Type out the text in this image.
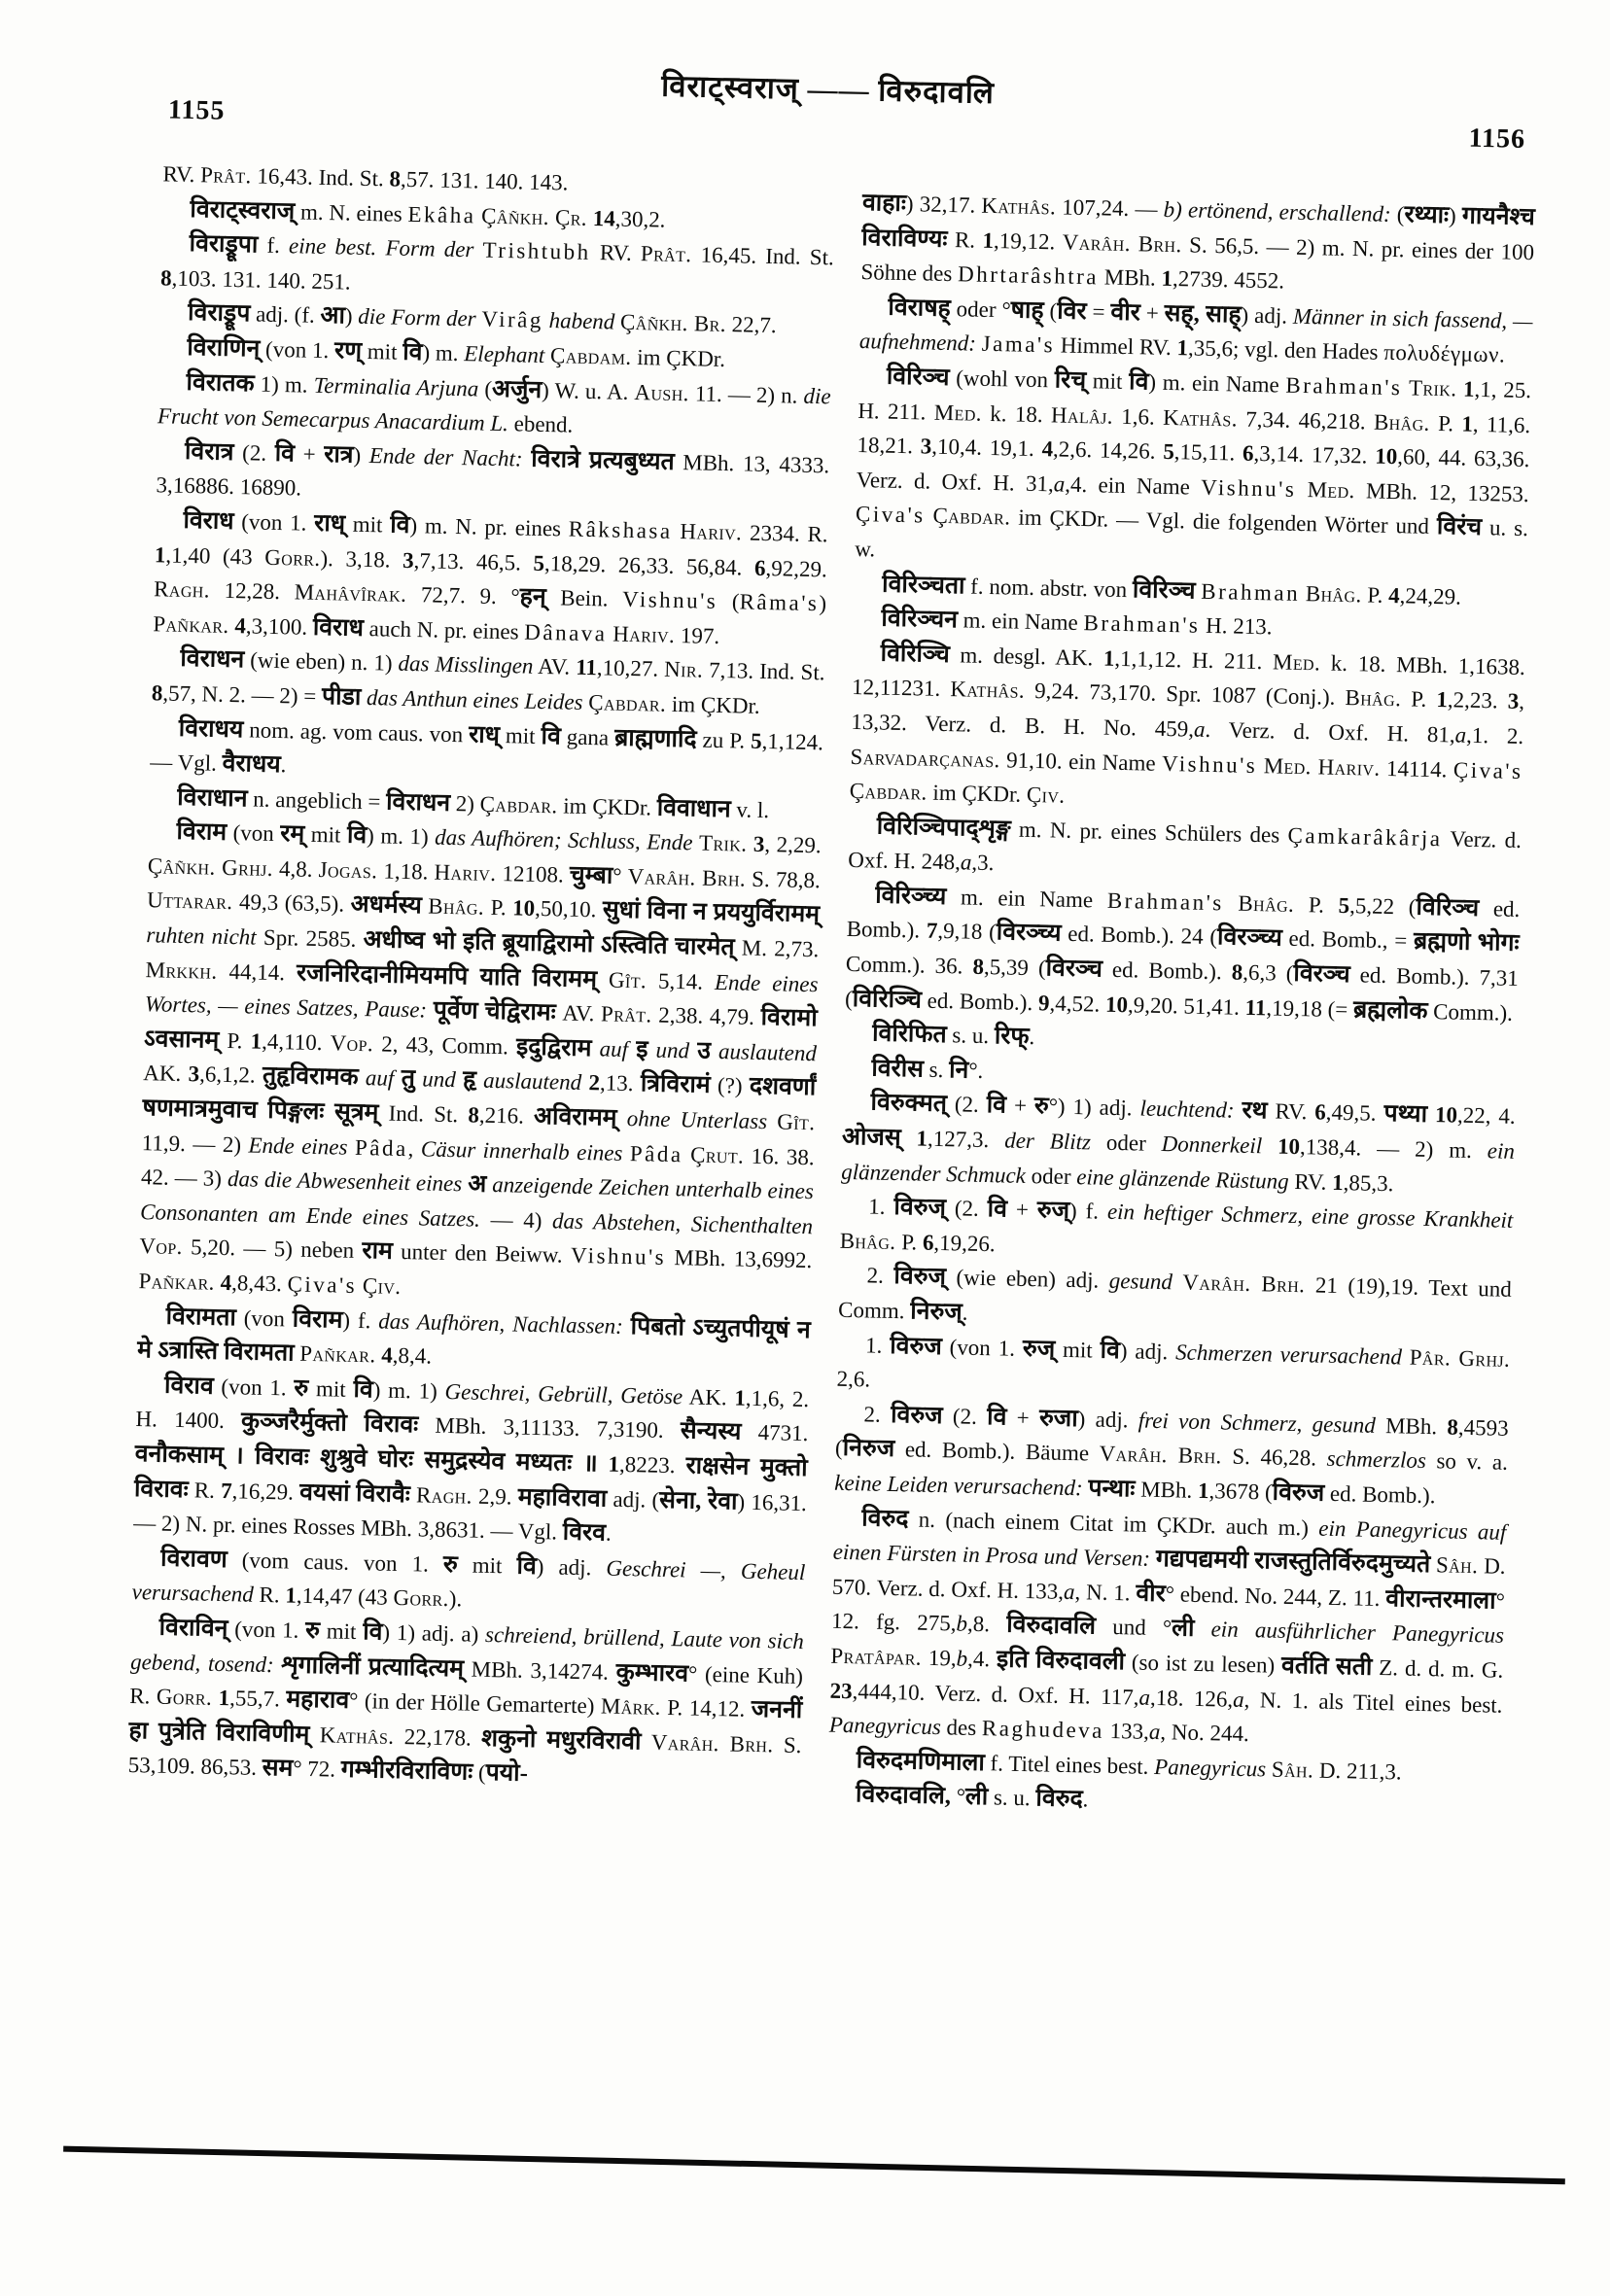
1155
विराट्स्वराज् —— विरुदावलि
1156

RV. Prât. 16,43. Ind. St. 8,57. 131. 140. 143.

विराट्स्वराज् m. N. eines Ekâha Çâñkh. Çr. 14,30,2.

विराड्रूपा f. eine best. Form der Trishtubh RV. Prât. 16,45. Ind. St. 8,103. 131. 140. 251.

विराड्रूप adj. (f. आ) die Form der Virâg habend Çâñkh. Br. 22,7.

विराणिन् (von 1. रण् mit वि) m. Elephant Çabdam. im ÇKDr.

विरातक 1) m. Terminalia Arjuna (अर्जुन) W. u. A. Aush. 11. — 2) n. die Frucht von Semecarpus Anacardium L. ebend.

विरात्र (2. वि + रात्र) Ende der Nacht: विरात्रे प्रत्यबुध्यत MBh. 13, 4333. 3,16886. 16890.

विराध (von 1. राध् mit वि) m. N. pr. eines Râkshasa Hariv. 2334. R. 1,1,40 (43 Gorr.). 3,18. 3,7,13. 46,5. 5,18,29. 26,33. 56,84. 6,92,29. Ragh. 12,28. Mahâvîrak. 72,7. 9. °हन् Bein. Vishnu's (Râma's) Pañkar. 4,3,100. विराध auch N. pr. eines Dânava Hariv. 197.

विराधन (wie eben) n. 1) das Misslingen AV. 11,10,27. Nir. 7,13. Ind. St. 8,57, N. 2. — 2) = पीडा das Anthun eines Leides Çabdar. im ÇKDr.

विराधय nom. ag. vom caus. von राध् mit वि gana ब्राह्मणादि zu P. 5,1,124. — Vgl. वैराधय.

विराधान n. angeblich = विराधन 2) Çabdar. im ÇKDr. विवाधान v. l.

विराम (von रम् mit वि) m. 1) das Aufhören; Schluss, Ende Trik. 3, 2,29. Çâñkh. Grhj. 4,8. Jogas. 1,18. Hariv. 12108. चुम्बा° Varâh. Brh. S. 78,8. Uttarar. 49,3 (63,5). अधर्मस्य Bhâg. P. 10,50,10. सुधां विना न प्रययुर्विरामम् ruhten nicht Spr. 2585. अधीष्व भो इति ब्रूयाद्विरामो ऽस्त्विति चारमेत् M. 2,73. Mrkkh. 44,14. रजनिरिदानीमियमपि याति विरामम् Gît. 5,14. Ende eines Wortes, — eines Satzes, Pause: पूर्वेण चेद्विरामः AV. Prât. 2,38. 4,79. विरामो ऽवसानम् P. 1,4,110. Vop. 2, 43, Comm. इदुद्विराम auf इ und उ auslautend AK. 3,6,1,2. तुहृविरामक auf तु und हृ auslautend 2,13. त्रिविरामं (?) दशवर्णां षणमात्रमुवाच पिङ्गलः सूत्रम् Ind. St. 8,216. अविरामम् ohne Unterlass Gît. 11,9. — 2) Ende eines Pâda, Cäsur innerhalb eines Pâda Çrut. 16. 38. 42. — 3) das die Abwesenheit eines अ anzeigende Zeichen unterhalb eines Consonanten am Ende eines Satzes. — 4) das Abstehen, Sichenthalten Vop. 5,20. — 5) neben राम unter den Beiww. Vishnu's MBh. 13,6992. Pañkar. 4,8,43. Çiva's Çiv.

विरामता (von विराम) f. das Aufhören, Nachlassen: पिबतो ऽच्युतपीयूषं न मे ऽत्रास्ति विरामता Pañkar. 4,8,4.

विराव (von 1. रु mit वि) m. 1) Geschrei, Gebrüll, Getöse AK. 1,1,6, 2. H. 1400. कुञ्जरैर्मुक्तो विरावः MBh. 3,11133. 7,3190. सैन्यस्य 4731. वनौकसाम् । विरावः शुश्रुवे घोरः समुद्रस्येव मध्यतः ॥ 1,8223. राक्षसेन मुक्तो विरावः R. 7,16,29. वयसां विरावैः Ragh. 2,9. महाविरावा adj. (सेना, रेवा) 16,31. — 2) N. pr. eines Rosses MBh. 3,8631. — Vgl. विरव.

विरावण (vom caus. von 1. रु mit वि) adj. Geschrei —, Geheul verursachend R. 1,14,47 (43 Gorr.).

विराविन् (von 1. रु mit वि) 1) adj. a) schreiend, brüllend, Laute von sich gebend, tosend: शृगालिनीं प्रत्यादित्यम् MBh. 3,14274. कुम्भारव° (eine Kuh) R. Gorr. 1,55,7. महाराव° (in der Hölle Gemarterte) Mârk. P. 14,12. जननीं हा पुत्रेति विराविणीम् Kathâs. 22,178. शकुनो मधुरविरावी Varâh. Brh. S. 53,109. 86,53. सम° 72. गम्भीरविराविणः (पयो-

वाहाः) 32,17. Kathâs. 107,24. — b) ertönend, erschallend: (रथ्याः) गायनैश्च विराविण्यः R. 1,19,12. Varâh. Brh. S. 56,5. — 2) m. N. pr. eines der 100 Söhne des Dhrtarâshtra MBh. 1,2739. 4552.

विराषह् oder °षाह् (विर = वीर + सह्, साह्) adj. Männer in sich fassend, — aufnehmend: Jama's Himmel RV. 1,35,6; vgl. den Hades πολυδέγμων.

विरिञ्च (wohl von रिच् mit वि) m. ein Name Brahman's Trik. 1,1, 25. H. 211. Med. k. 18. Halâj. 1,6. Kathâs. 7,34. 46,218. Bhâg. P. 1, 11,6. 18,21. 3,10,4. 19,1. 4,2,6. 14,26. 5,15,11. 6,3,14. 17,32. 10,60, 44. 63,36. Verz. d. Oxf. H. 31,a,4. ein Name Vishnu's Med. MBh. 12, 13253. Çiva's Çabdar. im ÇKDr. — Vgl. die folgenden Wörter und विरंच u. s. w.

विरिञ्चता f. nom. abstr. von विरिञ्च Brahman Bhâg. P. 4,24,29.

विरिञ्चन m. ein Name Brahman's H. 213.

विरिञ्चि m. desgl. AK. 1,1,1,12. H. 211. Med. k. 18. MBh. 1,1638. 12,11231. Kathâs. 9,24. 73,170. Spr. 1087 (Conj.). Bhâg. P. 1,2,23. 3, 13,32. Verz. d. B. H. No. 459,a. Verz. d. Oxf. H. 81,a,1. 2. Sarvadarçanas. 91,10. ein Name Vishnu's Med. Hariv. 14114. Çiva's Çabdar. im ÇKDr. Çiv.

विरिञ्चिपाद्शृङ्ग m. N. pr. eines Schülers des Çamkarâkârja Verz. d. Oxf. H. 248,a,3.

विरिञ्च्य m. ein Name Brahman's Bhâg. P. 5,5,22 (विरिञ्च ed. Bomb.). 7,9,18 (विरञ्च्य ed. Bomb.). 24 (विरञ्च्य ed. Bomb., = ब्रह्मणो भोगः Comm.). 36. 8,5,39 (विरञ्च ed. Bomb.). 8,6,3 (विरञ्च ed. Bomb.). 7,31 (विरिञ्चि ed. Bomb.). 9,4,52. 10,9,20. 51,41. 11,19,18 (= ब्रह्मलोक Comm.).

विरिफित s. u. रिफ्.

विरीस s. नि°.

विरुक्मत् (2. वि + रु°) 1) adj. leuchtend: रथ RV. 6,49,5. पथ्या 10,22, 4. ओजस् 1,127,3. der Blitz oder Donnerkeil 10,138,4. — 2) m. ein glänzender Schmuck oder eine glänzende Rüstung RV. 1,85,3.

1. विरुज् (2. वि + रुज्) f. ein heftiger Schmerz, eine grosse Krankheit Bhâg. P. 6,19,26.

2. विरुज् (wie eben) adj. gesund Varâh. Brh. 21 (19),19. Text und Comm. निरुज्.

1. विरुज (von 1. रुज् mit वि) adj. Schmerzen verursachend Pâr. Grhj. 2,6.

2. विरुज (2. वि + रुजा) adj. frei von Schmerz, gesund MBh. 8,4593 (निरुज ed. Bomb.). Bäume Varâh. Brh. S. 46,28. schmerzlos so v. a. keine Leiden verursachend: पन्थाः MBh. 1,3678 (विरुज ed. Bomb.).

विरुद n. (nach einem Citat im ÇKDr. auch m.) ein Panegyricus auf einen Fürsten in Prosa und Versen: गद्यपद्यमयी राजस्तुतिर्विरुदमुच्यते Sâh. D. 570. Verz. d. Oxf. H. 133,a, N. 1. वीर° ebend. No. 244, Z. 11. वीरान्तरमाला° 12. fg. 275,b,8. विरुदावलि und °ली ein ausführlicher Panegyricus Pratâpar. 19,b,4. इति विरुदावली (so ist zu lesen) वर्तति सती Z. d. d. m. G. 23,444,10. Verz. d. Oxf. H. 117,a,18. 126,a, N. 1. als Titel eines best. Panegyricus des Raghudeva 133,a, No. 244.

विरुदमणिमाला f. Titel eines best. Panegyricus Sâh. D. 211,3.

विरुदावलि, °ली s. u. विरुद.
